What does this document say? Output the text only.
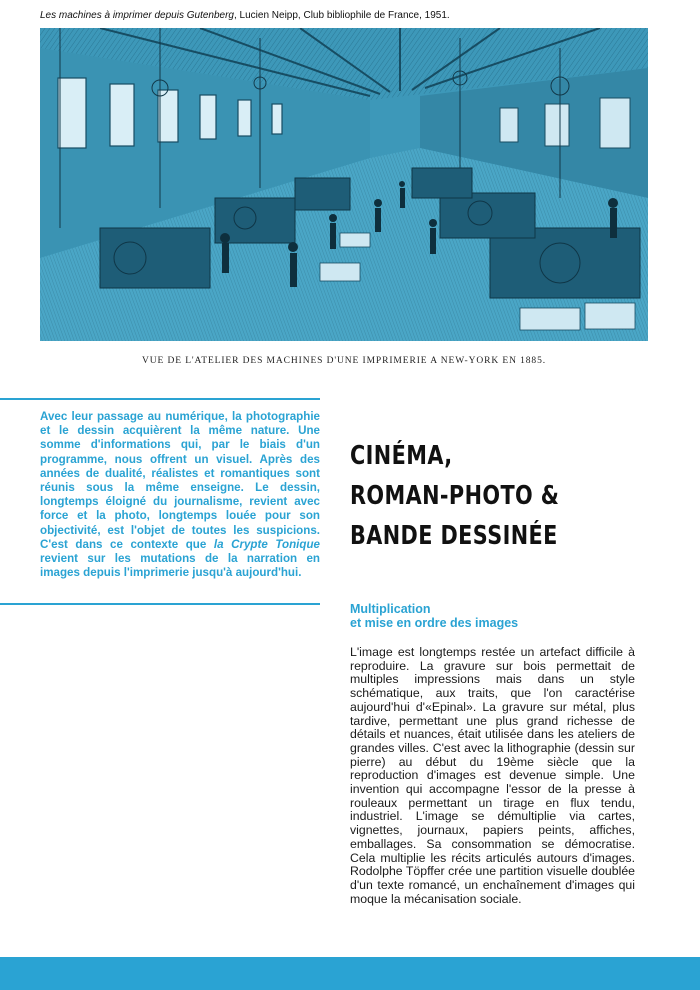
Les machines à imprimer depuis Gutenberg, Lucien Neipp, Club bibliophile de France, 1951.
VUE DE L'ATELIER DES MACHINES D'UNE IMPRIMERIE A NEW-YORK EN 1885.
Avec leur passage au numérique, la photographie et le dessin acquièrent la même nature. Une somme d'informations qui, par le biais d'un programme, nous offrent un visuel. Après des années de dualité, réalistes et romantiques sont réunis sous la même enseigne. Le dessin, longtemps éloigné du journalisme, revient avec force et la photo, longtemps louée pour son objectivité, est l'objet de toutes les suspicions. C'est dans ce contexte que la Crypte Tonique revient sur les mutations de la narration en images depuis l'imprimerie jusqu'à aujourd'hui.
CINÉMA,
ROMAN-PHOTO &
BANDE DESSINÉE
Multiplication
et mise en ordre des images
L'image est longtemps restée un artefact difficile à reproduire. La gravure sur bois permettait de multiples impressions mais dans un style schématique, aux traits, que l'on caractérise aujourd'hui d'«Epinal». La gravure sur métal, plus tardive, permettant une plus grand richesse de détails et nuances, était utilisée dans les ateliers de grandes villes. C'est avec la lithographie (dessin sur pierre) au début du 19ème siècle que la reproduction d'images est devenue simple. Une invention qui accompagne l'essor de la presse à rouleaux permettant un tirage en flux tendu, industriel. L'image se démultiplie via cartes, vignettes, journaux, papiers peints, affiches, emballages. Sa consommation se démocratise. Cela multiplie les récits articulés autours d'images. Rodolphe Töpffer crée une partition visuelle doublée d'un texte romancé, un enchaînement d'images qui moque la mécanisation sociale.
